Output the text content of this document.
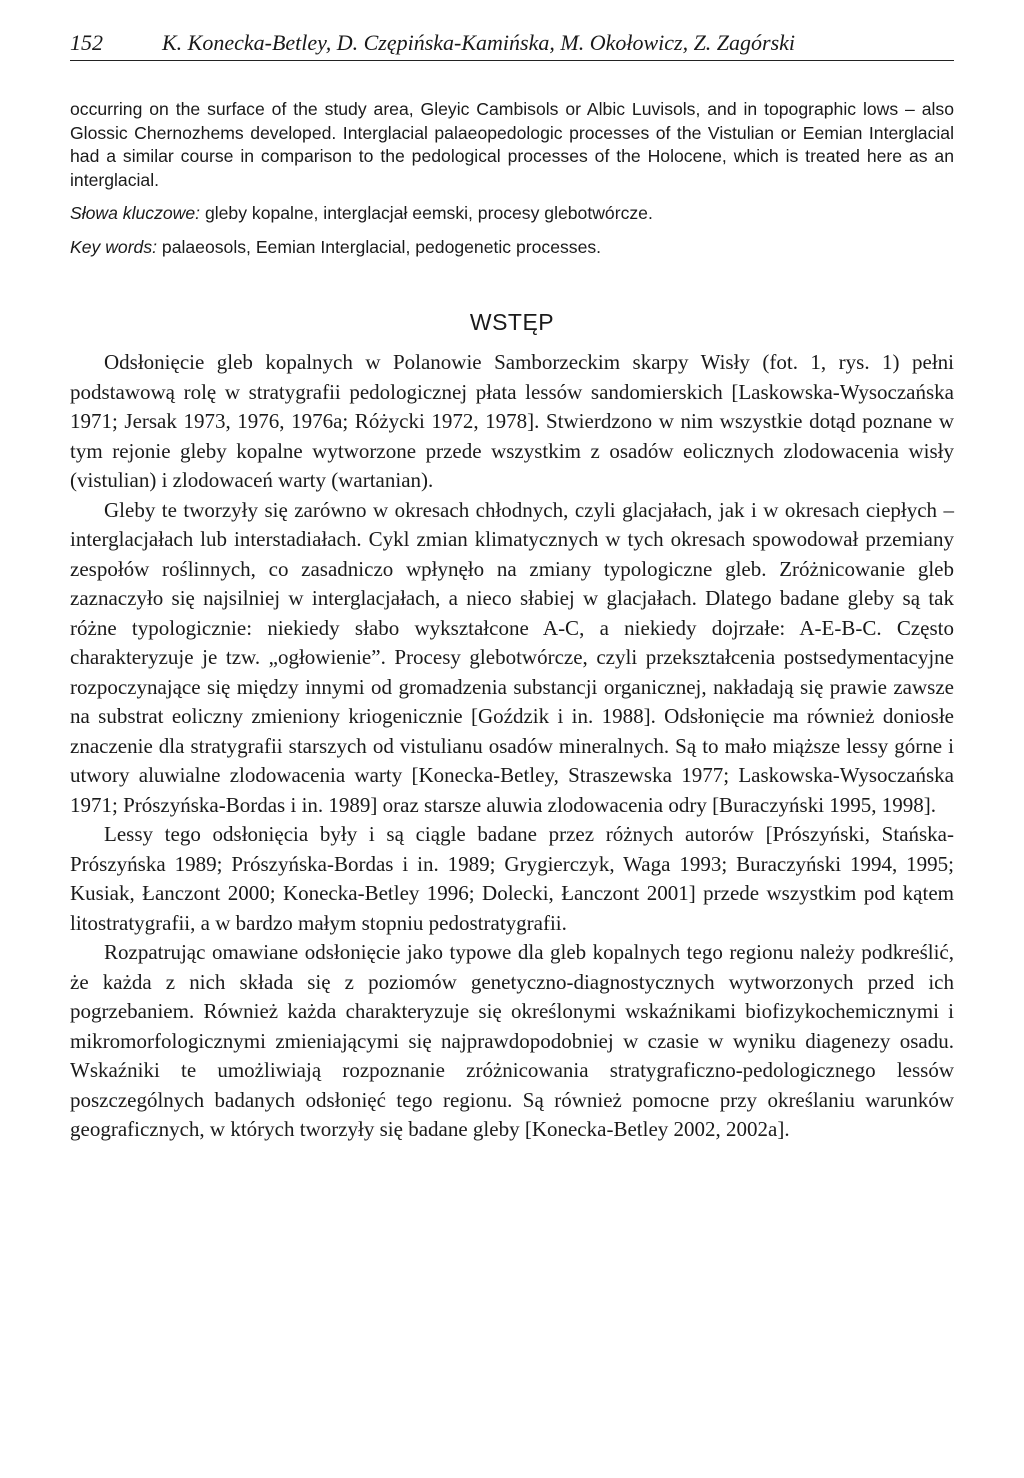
152	K. Konecka-Betley, D. Czępińska-Kamińska, M. Okołowicz, Z. Zagórski
occurring on the surface of the study area, Gleyic Cambisols or Albic Luvisols, and in topographic lows – also Glossic Chernozhems developed. Interglacial palaeopedologic processes of the Vistulian or Eemian Interglacial had a similar course in comparison to the pedological processes of the Holocene, which is treated here as an interglacial.
Słowa kluczowe: gleby kopalne, interglacjał eemski, procesy glebotwórcze.
Key words: palaeosols, Eemian Interglacial, pedogenetic processes.
WSTĘP

Odsłonięcie gleb kopalnych w Polanowie Samborzeckim skarpy Wisły (fot. 1, rys. 1) pełni podstawową rolę w stratygrafii pedologicznej płata lessów sandomierskich [Laskowska-Wysoczańska 1971; Jersak 1973, 1976, 1976a; Różycki 1972, 1978]. Stwierdzono w nim wszystkie dotąd poznane w tym rejonie gleby kopalne wytworzone przede wszystkim z osadów eolicznych zlodowacenia wisły (vistulian) i zlodowaceń warty (wartanian).

Gleby te tworzyły się zarówno w okresach chłodnych, czyli glacjałach, jak i w okresach ciepłych – interglacjałach lub interstadiałach. Cykl zmian klimatycznych w tych okresach spowodował przemiany zespołów roślinnych, co zasadniczo wpłynęło na zmiany typologiczne gleb. Zróżnicowanie gleb zaznaczyło się najsilniej w interglacjałach, a nieco słabiej w glacjałach. Dlatego badane gleby są tak różne typologicznie: niekiedy słabo wykształcone A-C, a niekiedy dojrzałe: A-E-B-C. Często charakteryzuje je tzw. „ogłowienie”. Procesy glebotwórcze, czyli przekształcenia postsedymentacyjne rozpoczynające się między innymi od gromadzenia substancji organicznej, nakładają się prawie zawsze na substrat eoliczny zmieniony kriogenicznie [Goździk i in. 1988]. Odsłonięcie ma również doniosłe znaczenie dla stratygrafii starszych od vistulianu osadów mineralnych. Są to mało miąższe lessy górne i utwory aluwialne zlodowacenia warty [Konecka-Betley, Straszewska 1977; Laskowska-Wysoczańska 1971; Prószyńska-Bordas i in. 1989] oraz starsze aluwia zlodowacenia odry [Buraczyński 1995, 1998].

Lessy tego odsłonięcia były i są ciągle badane przez różnych autorów [Prószyński, Stańska-Prószyńska 1989; Prószyńska-Bordas i in. 1989; Grygierczyk, Waga 1993; Buraczyński 1994, 1995; Kusiak, Łanczont 2000; Konecka-Betley 1996; Dolecki, Łanczont 2001] przede wszystkim pod kątem litostratygrafii, a w bardzo małym stopniu pedostratygrafii.

Rozpatrując omawiane odsłonięcie jako typowe dla gleb kopalnych tego regionu należy podkreślić, że każda z nich składa się z poziomów genetyczno-diagnostycznych wytworzonych przed ich pogrzebaniem. Również każda charakteryzuje się określonymi wskaźnikami biofizykochemicznymi i mikromorfologicznymi zmieniającymi się najprawdopodobniej w czasie w wyniku diagenezy osadu. Wskaźniki te umożliwiają rozpoznanie zróżnicowania stratygraficzno-pedologicznego lessów poszczególnych badanych odsłonięć tego regionu. Są również pomocne przy określaniu warunków geograficznych, w których tworzyły się badane gleby [Konecka-Betley 2002, 2002a].
